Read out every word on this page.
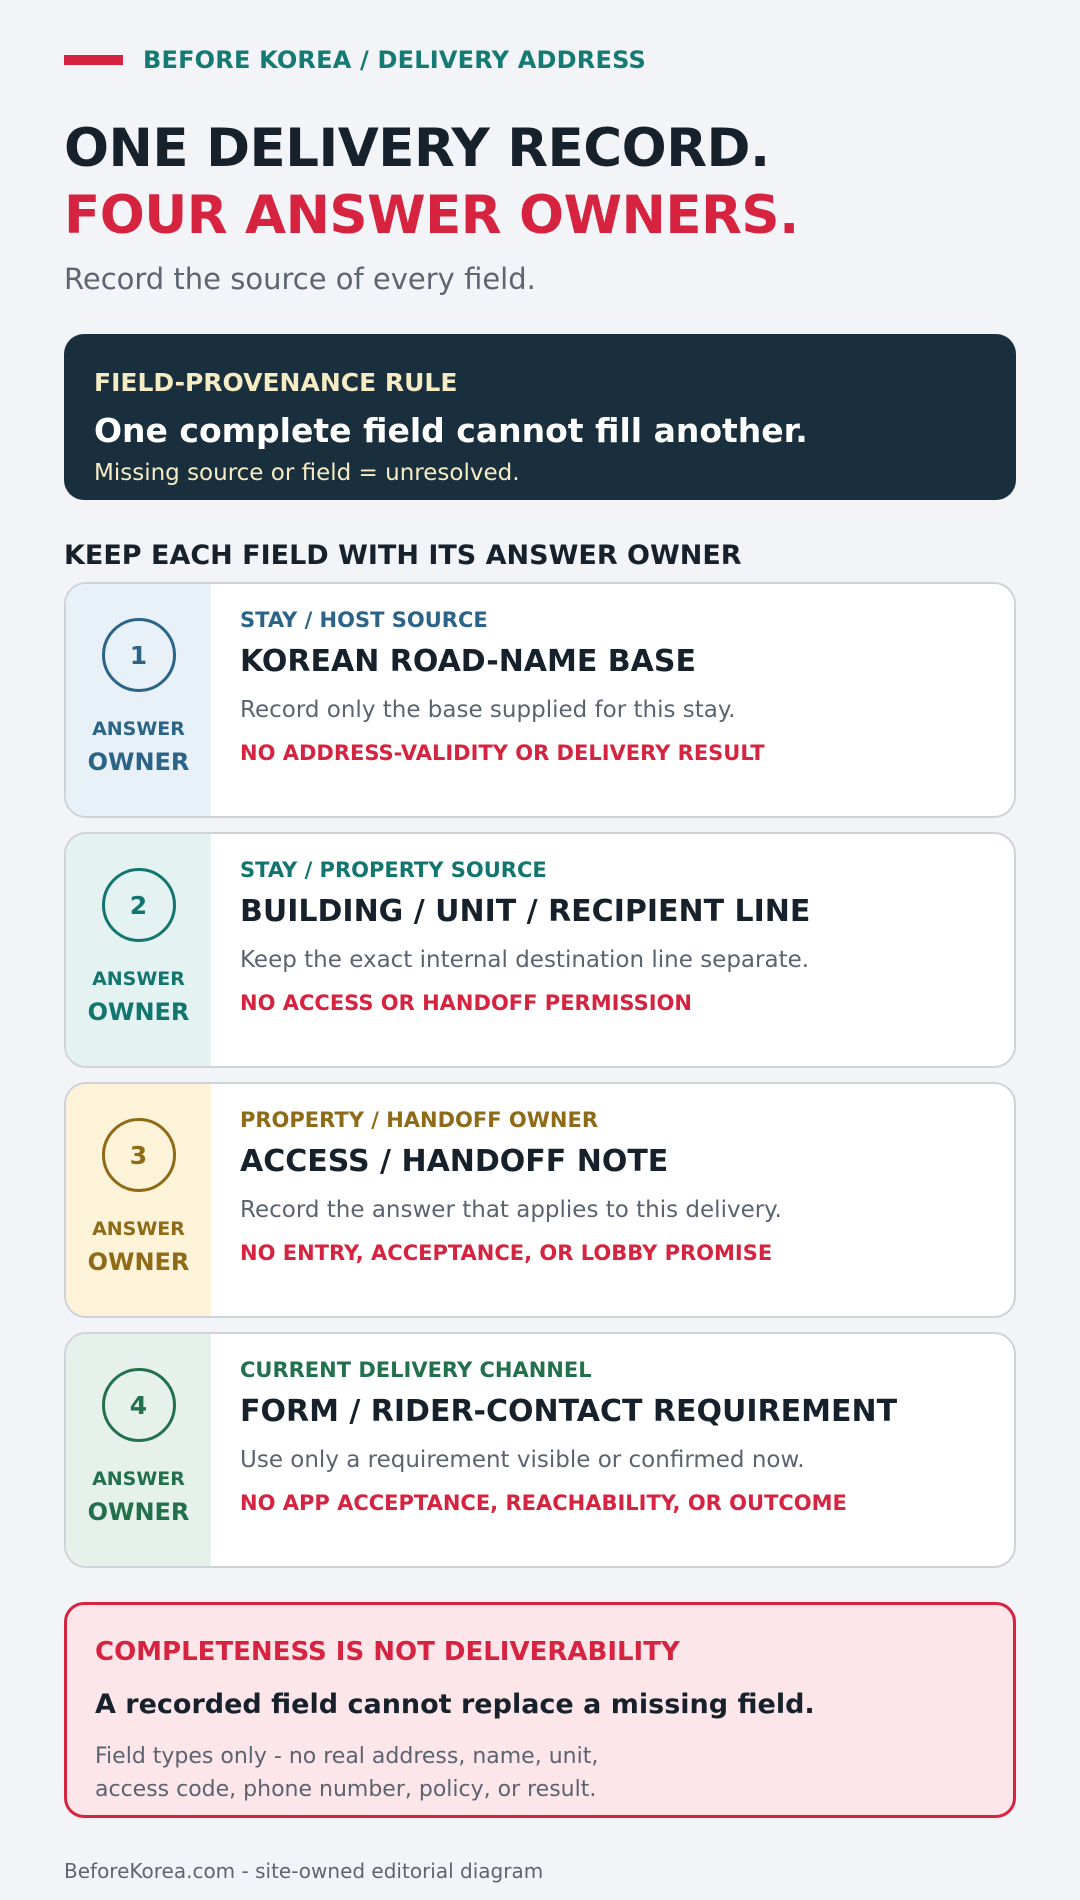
BEFORE KOREA / DELIVERY ADDRESS
ONE DELIVERY RECORD.
FOUR ANSWER OWNERS.
Record the source of every field.
FIELD-PROVENANCE RULE
One complete field cannot fill another.
Missing source or field = unresolved.
KEEP EACH FIELD WITH ITS ANSWER OWNER
1
ANSWER
OWNER
STAY / HOST SOURCE
KOREAN ROAD-NAME BASE
Record only the base supplied for this stay.
NO ADDRESS-VALIDITY OR DELIVERY RESULT
2
ANSWER
OWNER
STAY / PROPERTY SOURCE
BUILDING / UNIT / RECIPIENT LINE
Keep the exact internal destination line separate.
NO ACCESS OR HANDOFF PERMISSION
3
ANSWER
OWNER
PROPERTY / HANDOFF OWNER
ACCESS / HANDOFF NOTE
Record the answer that applies to this delivery.
NO ENTRY, ACCEPTANCE, OR LOBBY PROMISE
4
ANSWER
OWNER
CURRENT DELIVERY CHANNEL
FORM / RIDER-CONTACT REQUIREMENT
Use only a requirement visible or confirmed now.
NO APP ACCEPTANCE, REACHABILITY, OR OUTCOME
COMPLETENESS IS NOT DELIVERABILITY
A recorded field cannot replace a missing field.
Field types only - no real address, name, unit, access code, phone number, policy, or result.
BeforeKorea.com - site-owned editorial diagram
